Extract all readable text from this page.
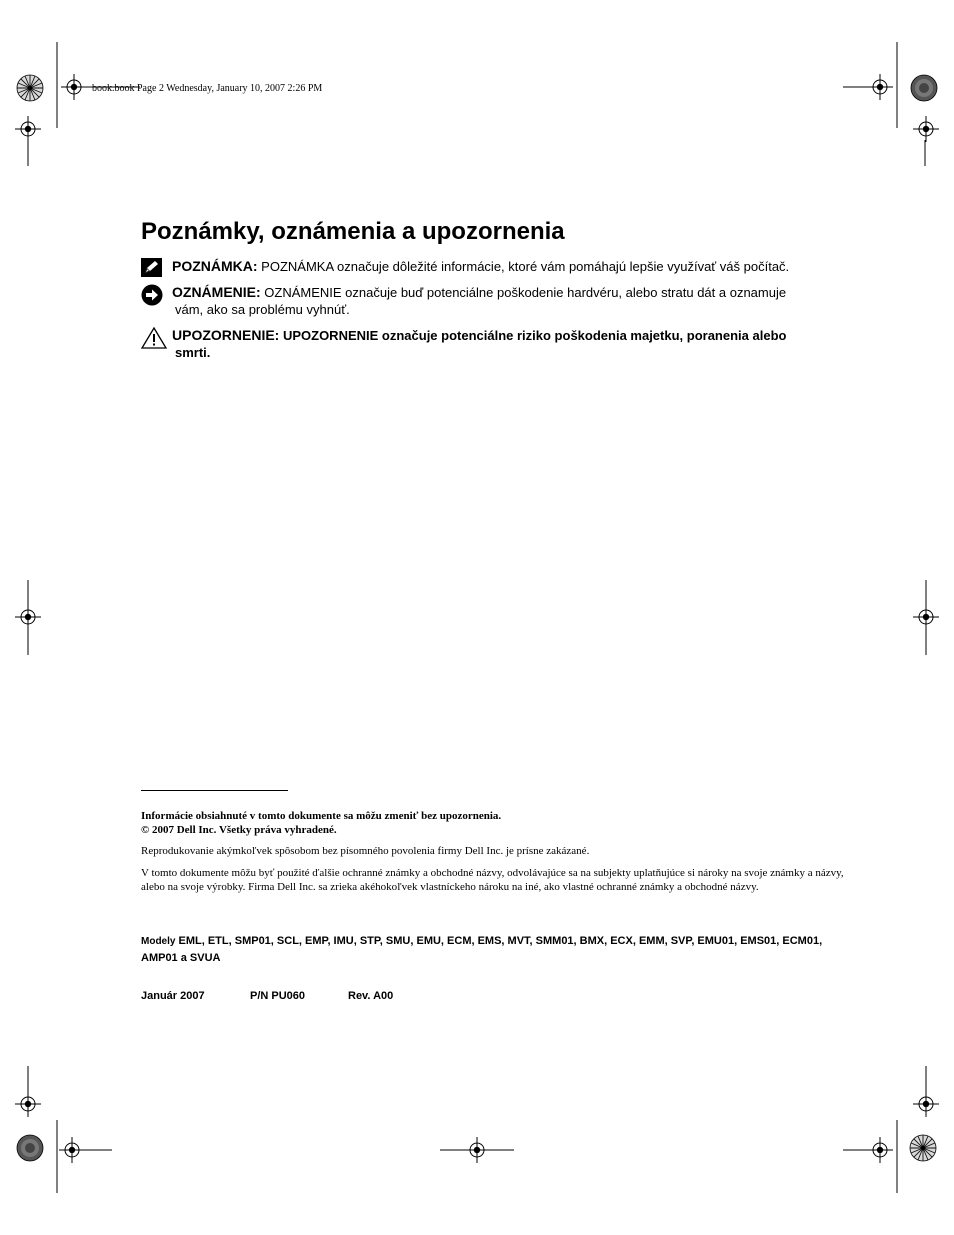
book.book Page 2 Wednesday, January 10, 2007 2:26 PM
Poznámky, oznámenia a upozornenia
POZNÁMKA: POZNÁMKA označuje dôležité informácie, ktoré vám pomáhajú lepšie využívať váš počítač.
OZNÁMENIE: OZNÁMENIE označuje buď potenciálne poškodenie hardvéru, alebo stratu dát a oznamuje
vám, ako sa problému vyhnúť.
UPOZORNENIE: UPOZORNENIE označuje potenciálne riziko poškodenia majetku, poranenia alebo
smrti.
Informácie obsiahnuté v tomto dokumente sa môžu zmeniť bez upozornenia.
© 2007 Dell Inc. Všetky práva vyhradené.
Reprodukovanie akýmkoľvek spôsobom bez písomného povolenia firmy Dell Inc. je prísne zakázané.
V tomto dokumente môžu byť použité ďalšie ochranné známky a obchodné názvy, odvolávajúce sa na subjekty uplatňujúce si nároky na svoje známky a názvy, alebo na svoje výrobky. Firma Dell Inc. sa zrieka akéhokoľvek vlastníckeho nároku na iné, ako vlastné ochranné známky a obchodné názvy.
Modely EML, ETL, SMP01, SCL, EMP, IMU, STP, SMU, EMU, ECM, EMS, MVT, SMM01, BMX, ECX, EMM, SVP, EMU01, EMS01, ECM01, AMP01 a SVUA
Január 2007	P/N PU060	Rev. A00
